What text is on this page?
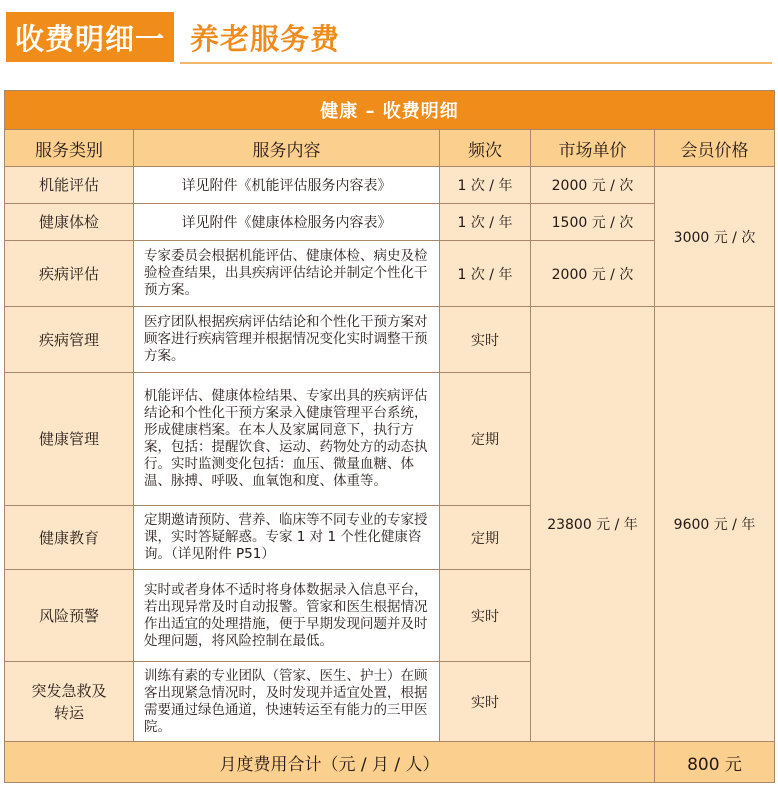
收费明细一 养老服务费
健康 – 收费明细				
服务类别	服务内容	频次	市场单价	会员价格
机能评估	详见附件《机能评估服务内容表》	1 次 / 年	2000 元 / 次	3000 元 / 次
健康体检	详见附件《健康体检服务内容表》	1 次 / 年	1500 元 / 次	
疾病评估	专家委员会根据机能评估、健康体检、病史及检验检查结果，出具疾病评估结论并制定个性化干预方案。	1 次 / 年	2000 元 / 次	
疾病管理	医疗团队根据疾病评估结论和个性化干预方案对顾客进行疾病管理并根据情况变化实时调整干预方案。	实时	23800 元 / 年	9600 元 / 年
健康管理	机能评估、健康体检结果、专家出具的疾病评估结论和个性化干预方案录入健康管理平台系统，形成健康档案。在本人及家属同意下，执行方案，包括：提醒饮食、运动、药物处方的动态执行。实时监测变化包括：血压、微量血糖、体温、脉搏、呼吸、血氧饱和度、体重等。	定期		
健康教育	定期邀请预防、营养、临床等不同专业的专家授课，实时答疑解惑。专家 1 对 1 个性化健康咨询。（详见附件 P51）	定期		
风险预警	实时或者身体不适时将身体数据录入信息平台，若出现异常及时自动报警。管家和医生根据情况作出适宜的处理措施，便于早期发现问题并及时处理问题，将风险控制在最低。	实时		
突发急救及转运	训练有素的专业团队（管家、医生、护士）在顾客出现紧急情况时，及时发现并适宜处置，根据需要通过绿色通道，快速转运至有能力的三甲医院。	实时		
月度费用合计（元 / 月 / 人）				800 元
